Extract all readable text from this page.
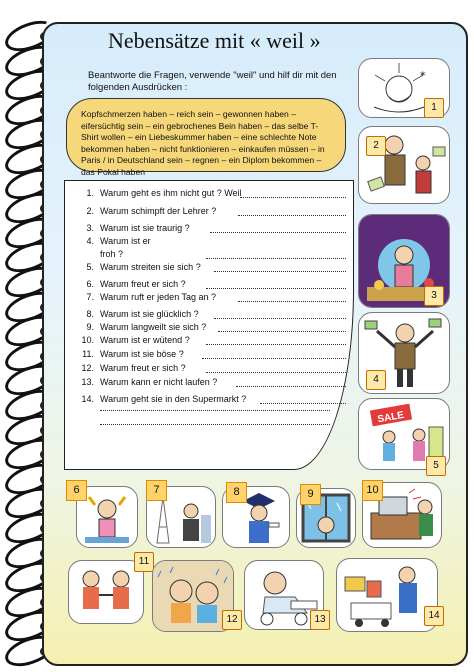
Nebensätze mit « weil »
Beantworte die Fragen, verwende "weil" und hilf dir mit den folgenden Ausdrücken :
Kopfschmerzen haben – reich sein – gewonnen haben – eifersüchtig sein – ein gebrochenes Bein haben – das selbe T-Shirt wollen – ein Liebeskummer haben – eine schlechte Note bekommen haben – nicht funktionieren – einkaufen müssen – in Paris / in Deutschland sein – regnen – ein Diplom bekommen – das Pokal haben
1. Warum geht es ihm nicht gut ? Weil
2. Warum schimpft der Lehrer ?
3. Warum ist sie traurig ?
4. Warum ist er
froh ?
5. Warum streiten sie sich ?
6. Warum freut er sich ?
7. Warum ruft er jeden Tag an ?
8. Warum ist sie glücklich ?
9. Warum langweilt sie sich ?
10. Warum ist er wütend ?
11. Warum ist sie böse ?
12. Warum freut er sich ?
13. Warum kann er nicht laufen ?
14. Warum geht sie in den Supermarkt ?
✶
1
2
3
4
SALE
5
6	7	8	9	10
11
12	13	14
